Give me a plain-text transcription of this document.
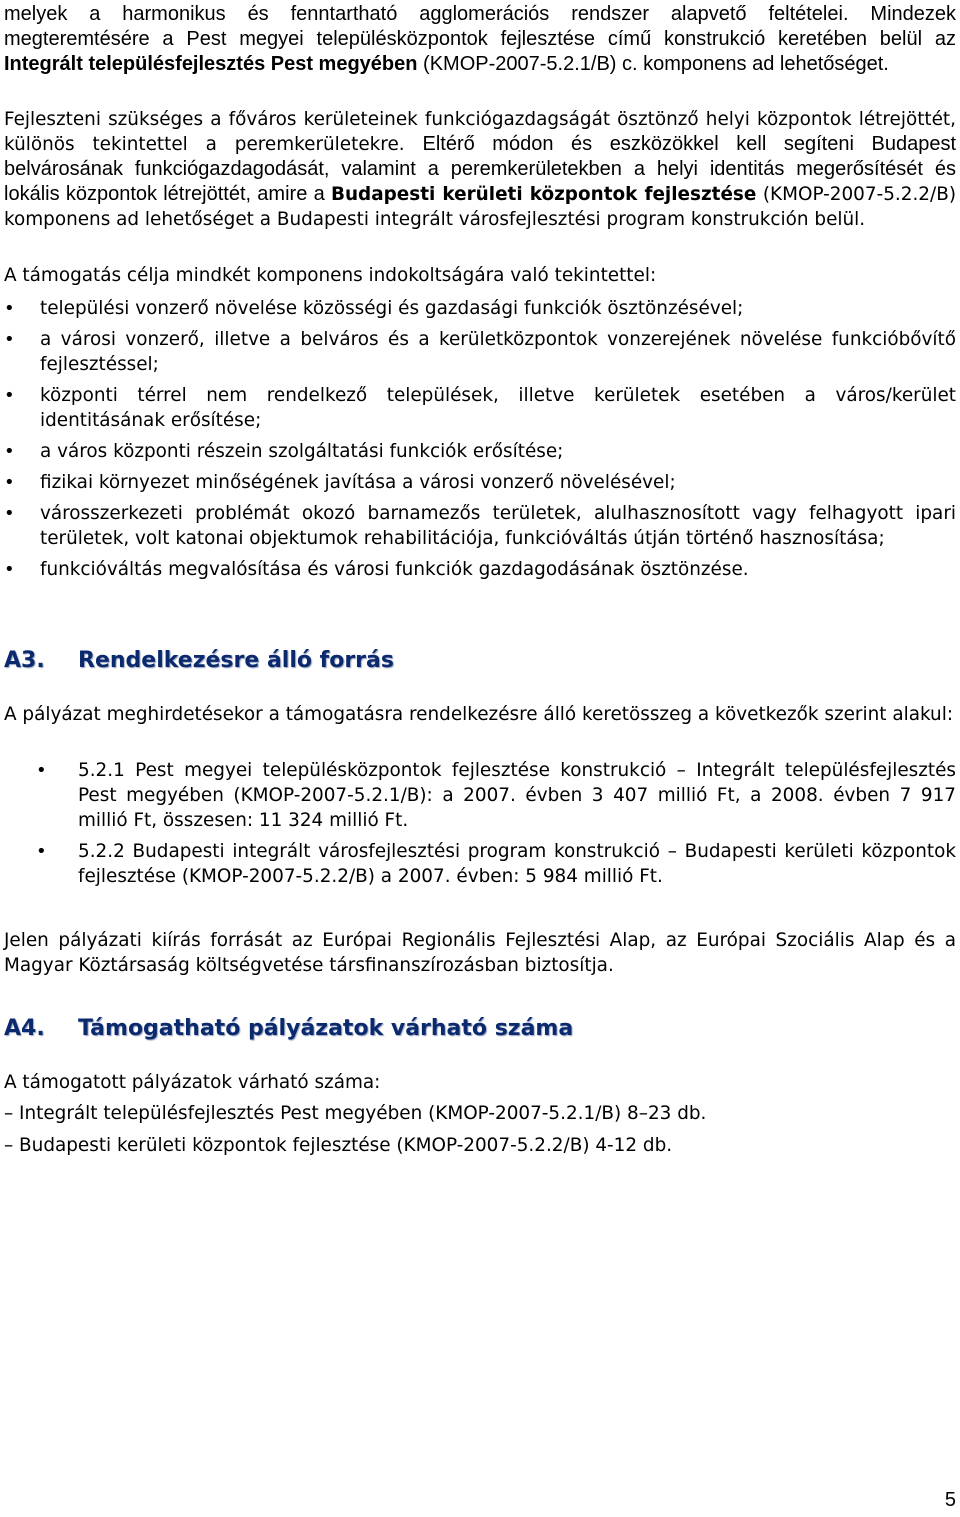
melyek a harmonikus és fenntartható agglomerációs rendszer alapvető feltételei. Mindezek megteremtésére a Pest megyei településközpontok fejlesztése című konstrukció keretében belül az Integrált településfejlesztés Pest megyében (KMOP-2007-5.2.1/B) c. komponens ad lehetőséget.

Fejleszteni szükséges a főváros kerületeinek funkciógazdagságát ösztönző helyi központok létrejöttét, különös tekintettel a peremkerületekre. Eltérő módon és eszközökkel kell segíteni Budapest belvárosának funkciógazdagodását, valamint a peremkerületekben a helyi identitás megerősítését és lokális központok létrejöttét, amire a Budapesti kerületi központok fejlesztése (KMOP-2007-5.2.2/B) komponens ad lehetőséget a Budapesti integrált városfejlesztési program konstrukción belül.

A támogatás célja mindkét komponens indokoltságára való tekintettel:

• települési vonzerő növelése közösségi és gazdasági funkciók ösztönzésével;
• a városi vonzerő, illetve a belváros és a kerületközpontok vonzerejének növelése funkcióbővítő fejlesztéssel;
• központi térrel nem rendelkező települések, illetve kerületek esetében a város/kerület identitásának erősítése;
• a város központi részein szolgáltatási funkciók erősítése;
• fizikai környezet minőségének javítása a városi vonzerő növelésével;
• városszerkezeti problémát okozó barnamezős területek, alulhasznosított vagy felhagyott ipari területek, volt katonai objektumok rehabilitációja, funkcióváltás útján történő hasznosítása;
• funkcióváltás megvalósítása és városi funkciók gazdagodásának ösztönzése.
A3. Rendelkezésre álló forrás

A pályázat meghirdetésekor a támogatásra rendelkezésre álló keretösszeg a következők szerint alakul:

• 5.2.1 Pest megyei településközpontok fejlesztése konstrukció – Integrált településfejlesztés Pest megyében (KMOP-2007-5.2.1/B): a 2007. évben 3 407 millió Ft, a 2008. évben 7 917 millió Ft, összesen: 11 324 millió Ft.
• 5.2.2 Budapesti integrált városfejlesztési program konstrukció – Budapesti kerületi központok fejlesztése (KMOP-2007-5.2.2/B) a 2007. évben: 5 984 millió Ft.

Jelen pályázati kiírás forrását az Európai Regionális Fejlesztési Alap, az Európai Szociális Alap és a Magyar Köztársaság költségvetése társfinanszírozásban biztosítja.

A4. Támogatható pályázatok várható száma

A támogatott pályázatok várható száma:

– Integrált településfejlesztés Pest megyében (KMOP-2007-5.2.1/B) 8–23 db.
– Budapesti kerületi központok fejlesztése (KMOP-2007-5.2.2/B) 4-12 db.
5
